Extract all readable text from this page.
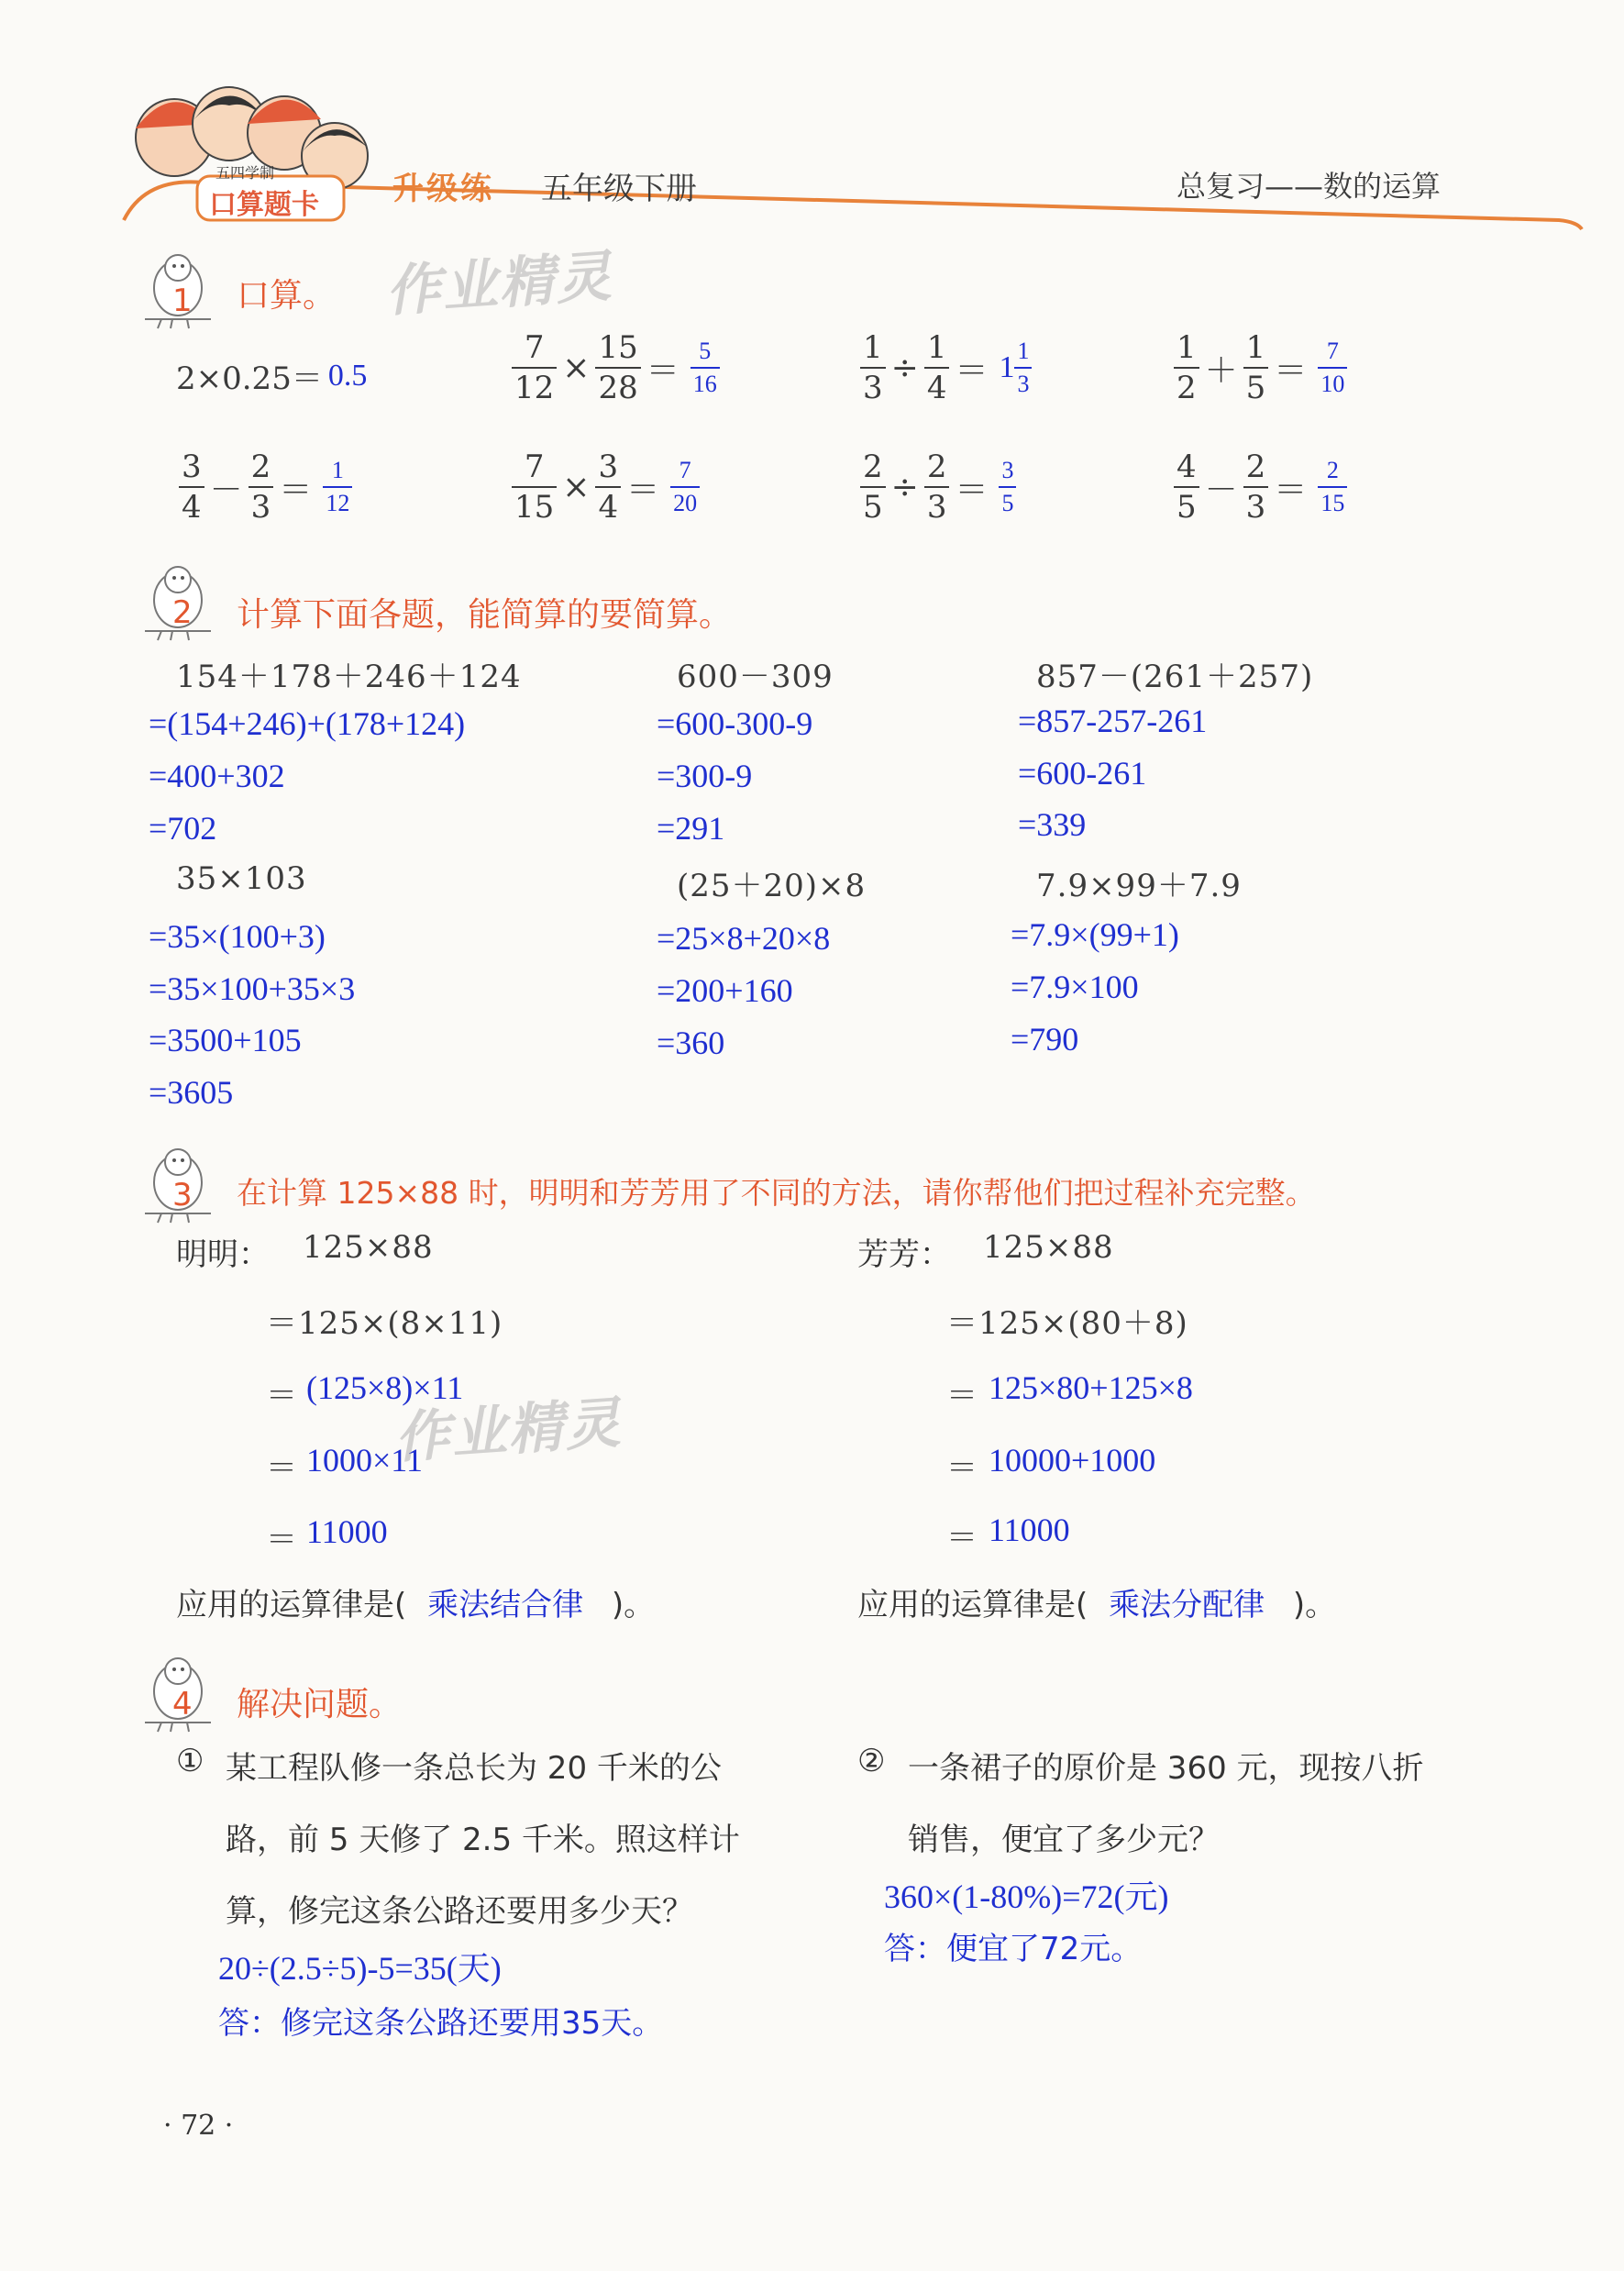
五四学制
口算题卡 升级练 五年级下册	总复习——数的运算
1 口算。 作业精灵
2×0.25＝ 0.5	$\frac{7}{12} \times \frac{15}{28} = \frac{5}{16}$	$\frac{1}{3} \div \frac{1}{4} = 1 \frac{1}{3}$	$\frac{1}{2} + \frac{1}{5} = \frac{7}{10}$
$\frac{3}{4} - \frac{2}{3} = \frac{1}{12}$	$\frac{7}{15} \times \frac{3}{4} = \frac{7}{20}$	$\frac{2}{5} \div \frac{2}{3} = \frac{3}{5}$	$\frac{4}{5} - \frac{2}{3} = \frac{2}{15}$
2 计算下面各题，能简算的要简算。
154＋178＋246＋124
=(154+246)+(178+124)
=400+302
=702
600－309
=600-300-9
=300-9
=291
857－(261＋257)
=857-257-261
=600-261
=339
35×103
=35×(100+3)
=35×100+35×3
=3500+105
=3605
(25＋20)×8
=25×8+20×8
=200+160
=360
7.9×99＋7.9
=7.9×(99+1)
=7.9×100
=790
3 在计算 125×88 时，明明和芳芳用了不同的方法，请你帮他们把过程补充完整。
明明： 125×88
＝125×(8×11)
＝ (125×8)×11
＝ 1000×11
＝ 11000
应用的运算律是( 乘法结合律 )。
作业精灵
芳芳： 125×88
＝125×(80＋8)
＝ 125×80+125×8
＝ 10000+1000
＝ 11000
应用的运算律是( 乘法分配律 )。
4 解决问题。
① 某工程队修一条总长为 20 千米的公
路，前 5 天修了 2.5 千米。照这样计
算，修完这条公路还要用多少天？
20÷(2.5÷5)-5=35(天)
答：修完这条公路还要用35天。
② 一条裙子的原价是 360 元，现按八折
销售，便宜了多少元？
360×(1-80%)=72(元)
答：便宜了72元。
· 72 ·
